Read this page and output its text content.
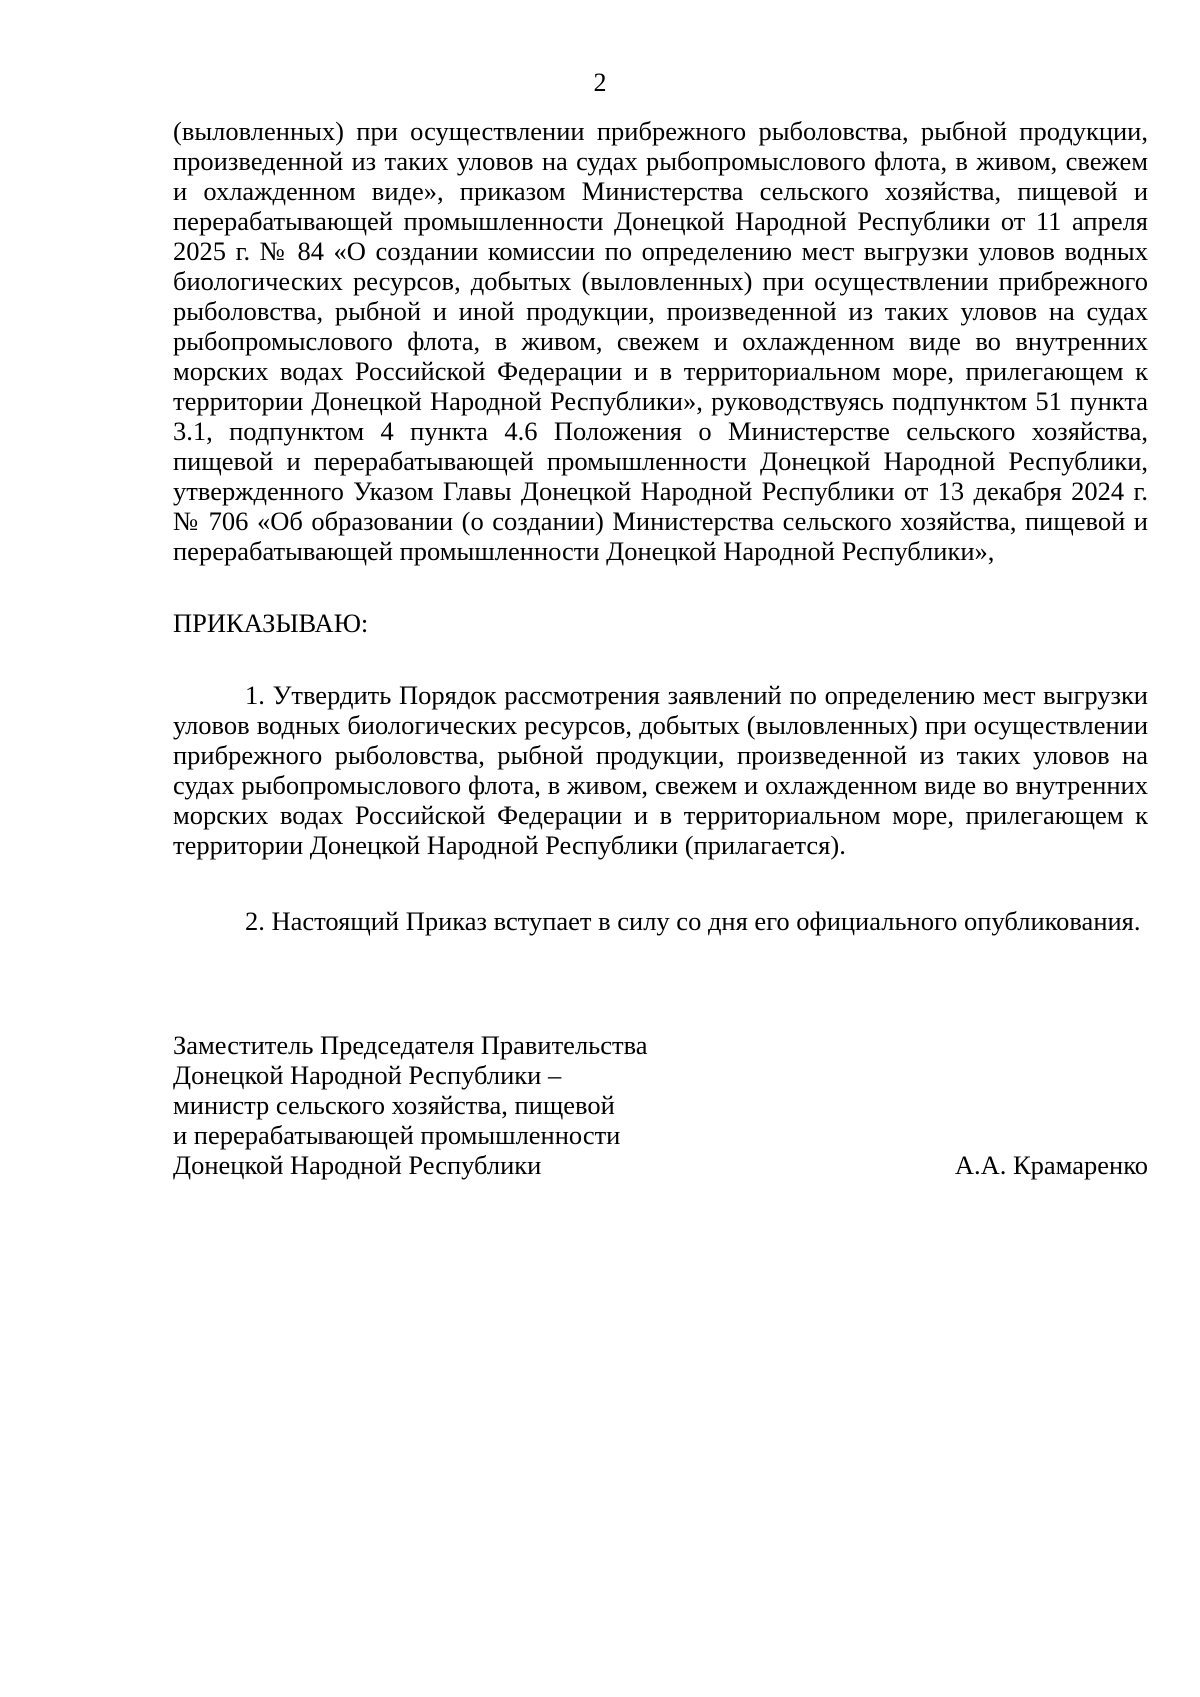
2

(выловленных) при осуществлении прибрежного рыболовства, рыбной продукции, произведенной из таких уловов на судах рыбопромыслового флота, в живом, свежем и охлажденном виде», приказом Министерства сельского хозяйства, пищевой и перерабатывающей промышленности Донецкой Народной Республики от 11 апреля 2025 г. № 84 «О создании комиссии по определению мест выгрузки уловов водных биологических ресурсов, добытых (выловленных) при осуществлении прибрежного рыболовства, рыбной и иной продукции, произведенной из таких уловов на судах рыбопромыслового флота, в живом, свежем и охлажденном виде во внутренних морских водах Российской Федерации и в территориальном море, прилегающем к территории Донецкой Народной Республики», руководствуясь подпунктом 51 пункта 3.1, подпунктом 4 пункта 4.6 Положения о Министерстве сельского хозяйства, пищевой и перерабатывающей промышленности Донецкой Народной Республики, утвержденного Указом Главы Донецкой Народной Республики от 13 декабря 2024 г. № 706 «Об образовании (о создании) Министерства сельского хозяйства, пищевой и перерабатывающей промышленности Донецкой Народной Республики»,

ПРИКАЗЫВАЮ:

1. Утвердить Порядок рассмотрения заявлений по определению мест выгрузки уловов водных биологических ресурсов, добытых (выловленных) при осуществлении прибрежного рыболовства, рыбной продукции, произведенной из таких уловов на судах рыбопромыслового флота, в живом, свежем и охлажденном виде во внутренних морских водах Российской Федерации и в территориальном море, прилегающем к территории Донецкой Народной Республики (прилагается).

2. Настоящий Приказ вступает в силу со дня его официального опубликования.

Заместитель Председателя Правительства
Донецкой Народной Республики –
министр сельского хозяйства, пищевой
и перерабатывающей промышленности
Донецкой Народной Республики	А.А. Крамаренко
